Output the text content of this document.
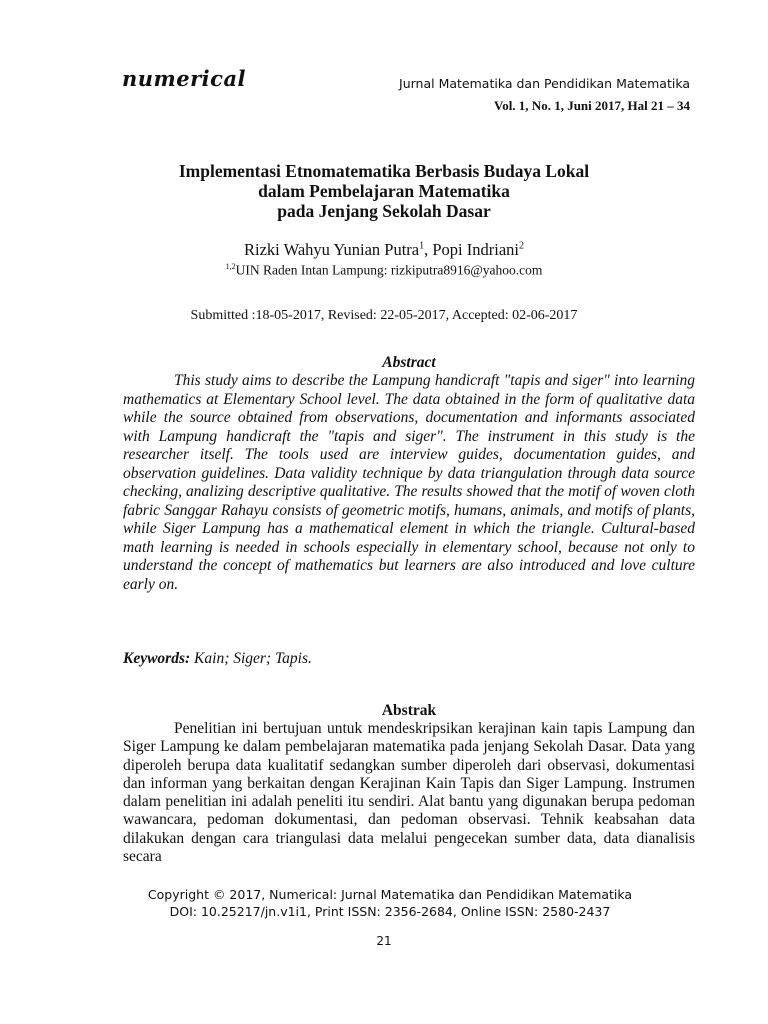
numerical	Jurnal Matematika dan Pendidikan Matematika
Vol. 1, No. 1, Juni 2017, Hal 21 – 34
Implementasi Etnomatematika Berbasis Budaya Lokal
dalam Pembelajaran Matematika
pada Jenjang Sekolah Dasar
Rizki Wahyu Yunian Putra$^1$, Popi Indriani$^2$
$^{1,2}$UIN Raden Intan Lampung: rizkiputra8916@yahoo.com
Submitted :18-05-2017, Revised: 22-05-2017, Accepted: 02-06-2017
Abstract
This study aims to describe the Lampung handicraft "tapis and siger" into learning mathematics at Elementary School level. The data obtained in the form of qualitative data while the source obtained from observations, documentation and informants associated with Lampung handicraft the "tapis and siger". The instrument in this study is the researcher itself. The tools used are interview guides, documentation guides, and observation guidelines. Data validity technique by data triangulation through data source checking, analizing descriptive qualitative. The results showed that the motif of woven cloth fabric Sanggar Rahayu consists of geometric motifs, humans, animals, and motifs of plants, while Siger Lampung has a mathematical element in which the triangle. Cultural-based math learning is needed in schools especially in elementary school, because not only to understand the concept of mathematics but learners are also introduced and love culture early on.
Keywords: Kain; Siger; Tapis.
Abstrak
Penelitian ini bertujuan untuk mendeskripsikan kerajinan kain tapis Lampung dan Siger Lampung ke dalam pembelajaran matematika pada jenjang Sekolah Dasar. Data yang diperoleh berupa data kualitatif sedangkan sumber diperoleh dari observasi, dokumentasi dan informan yang berkaitan dengan Kerajinan Kain Tapis dan Siger Lampung. Instrumen dalam penelitian ini adalah peneliti itu sendiri. Alat bantu yang digunakan berupa pedoman wawancara, pedoman dokumentasi, dan pedoman observasi. Tehnik keabsahan data dilakukan dengan cara triangulasi data melalui pengecekan sumber data, data dianalisis secara
Copyright © 2017, Numerical: Jurnal Matematika dan Pendidikan Matematika
DOI: 10.25217/jn.v1i1, Print ISSN: 2356-2684, Online ISSN: 2580-2437
21
